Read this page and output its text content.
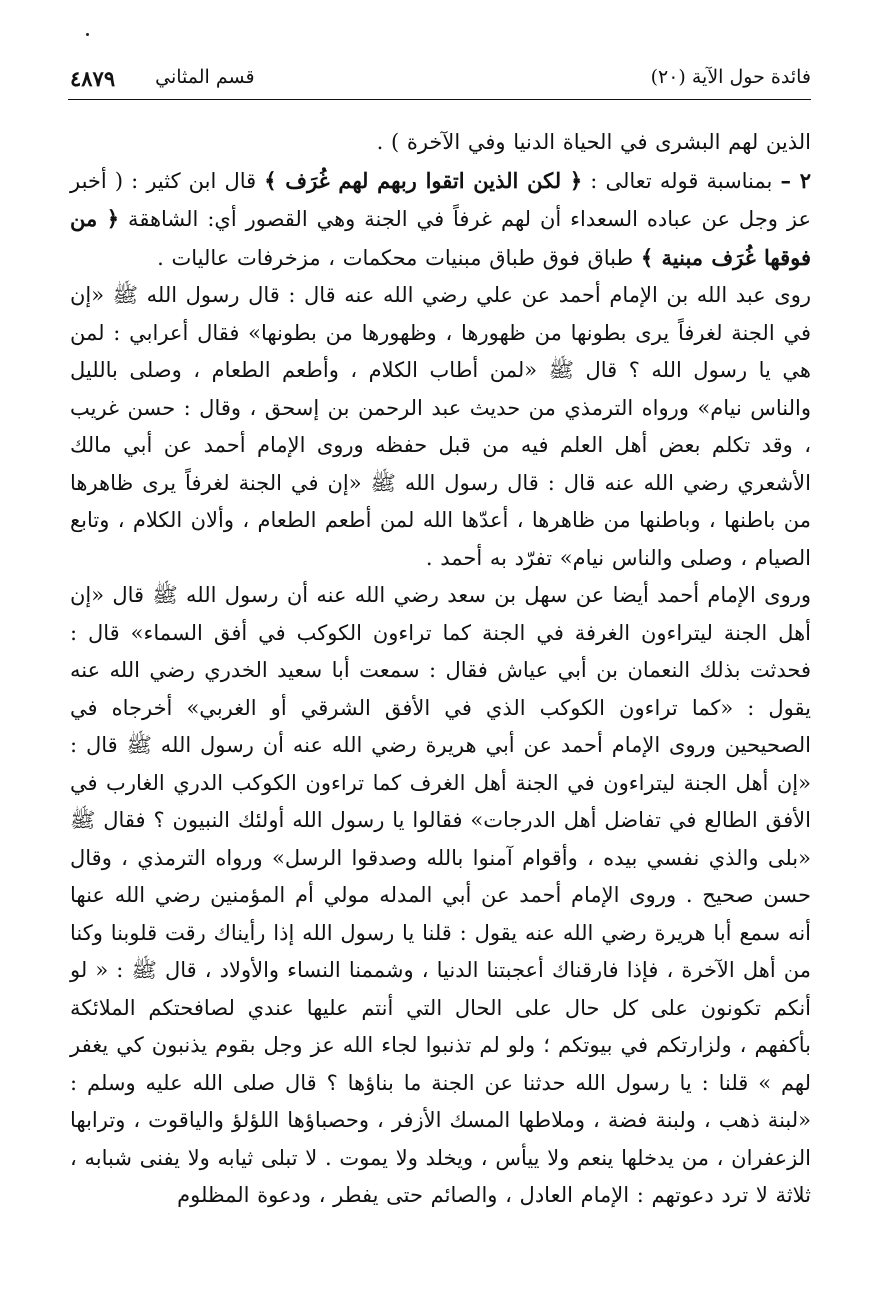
فائدة حول الآية (٢٠)
قسم المثاني
٤٨٧٩

الذين لهم البشرى في الحياة الدنيا وفي الآخرة ) .

٢ – بمناسبة قوله تعالى : ﴿ لكن الذين اتقوا ربهم لهم غُرَف ﴾ قال ابن كثير : ( أخبر عز وجل عن عباده السعداء أن لهم غرفاً في الجنة وهي القصور أي: الشاهقة ﴿ من فوقها غُرَف مبنية ﴾ طباق فوق طباق مبنيات محكمات ، مزخرفات عاليات .

روى عبد الله بن الإمام أحمد عن علي رضي الله عنه قال : قال رسول الله ﷺ «إن في الجنة لغرفاً يرى بطونها من ظهورها ، وظهورها من بطونها» فقال أعرابي : لمن هي يا رسول الله ؟ قال ﷺ «لمن أطاب الكلام ، وأطعم الطعام ، وصلى بالليل والناس نيام» ورواه الترمذي من حديث عبد الرحمن بن إسحق ، وقال : حسن غريب ، وقد تكلم بعض أهل العلم فيه من قبل حفظه وروى الإمام أحمد عن أبي مالك الأشعري رضي الله عنه قال : قال رسول الله ﷺ «إن في الجنة لغرفاً يرى ظاهرها من باطنها ، وباطنها من ظاهرها ، أعدّها الله لمن أطعم الطعام ، وألان الكلام ، وتابع الصيام ، وصلى والناس نيام» تفرّد به أحمد .

وروى الإمام أحمد أيضا عن سهل بن سعد رضي الله عنه أن رسول الله ﷺ قال «إن أهل الجنة ليتراءون الغرفة في الجنة كما تراءون الكوكب في أفق السماء» قال : فحدثت بذلك النعمان بن أبي عياش فقال : سمعت أبا سعيد الخدري رضي الله عنه يقول : «كما تراءون الكوكب الذي في الأفق الشرقي أو الغربي» أخرجاه في الصحيحين وروى الإمام أحمد عن أبي هريرة رضي الله عنه أن رسول الله ﷺ قال : «إن أهل الجنة ليتراءون في الجنة أهل الغرف كما تراءون الكوكب الدري الغارب في الأفق الطالع في تفاضل أهل الدرجات» فقالوا يا رسول الله أولئك النبيون ؟ فقال ﷺ «بلى والذي نفسي بيده ، وأقوام آمنوا بالله وصدقوا الرسل» ورواه الترمذي ، وقال حسن صحيح . وروى الإمام أحمد عن أبي المدله مولي أم المؤمنين رضي الله عنها أنه سمع أبا هريرة رضي الله عنه يقول : قلنا يا رسول الله إذا رأيناك رقت قلوبنا وكنا من أهل الآخرة ، فإذا فارقناك أعجبتنا الدنيا ، وشممنا النساء والأولاد ، قال ﷺ : « لو أنكم تكونون على كل حال على الحال التي أنتم عليها عندي لصافحتكم الملائكة بأكفهم ، ولزارتكم في بيوتكم ؛ ولو لم تذنبوا لجاء الله عز وجل بقوم يذنبون كي يغفر لهم » قلنا : يا رسول الله حدثنا عن الجنة ما بناؤها ؟ قال صلى الله عليه وسلم : «لبنة ذهب ، ولبنة فضة ، وملاطها المسك الأزفر ، وحصباؤها اللؤلؤ والياقوت ، وترابها الزعفران ، من يدخلها ينعم ولا ييأس ، ويخلد ولا يموت . لا تبلى ثيابه ولا يفنى شبابه ، ثلاثة لا ترد دعوتهم : الإمام العادل ، والصائم حتى يفطر ، ودعوة المظلوم
